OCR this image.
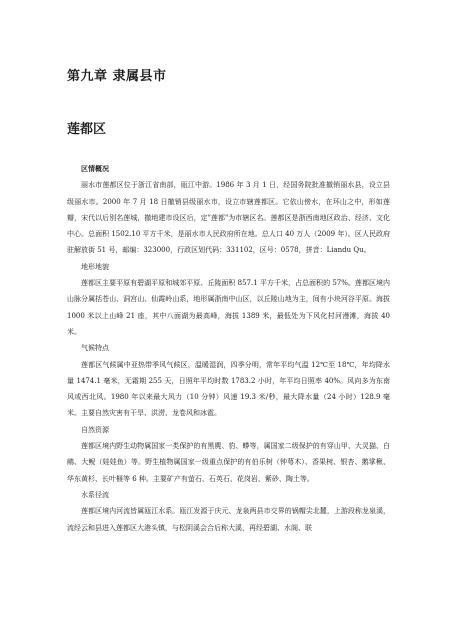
第九章 隶属县市
莲都区

区情概况

丽水市莲都区位于浙江省南部，瓯江中游。1986 年 3 月 1 日，经国务院批准撤销丽水县，设立县级丽水市。2000 年 7 月 18 日撤销县级丽水市，设立市辖莲都区。它依山傍水，在环山之中，形如莲瓣，宋代以后别名莲城，撤地建市设区后，定"莲都"为市辖区名。莲都区是浙西南地区政治、经济、文化中心。总面积 1502.10 平方千米，是丽水市人民政府所在地。总人口 40 万人（2009 年）。区人民政府驻解放街 51 号，邮编：323000，行政区划代码：331102，区号：0578，拼音：Liandu Qu。

地形地貌

莲都区主要平原有碧湖平原和城郊平原、丘陵面积 857.1 平方千米，占总面积的 57%。莲都区境内山脉分属括苍山、洞宫山、仙霞岭山系，地形属浙南中山区，以丘陵山地为主，间有小块河谷平原。海拔 1000 米以上山峰 21 座，其中八面湖为最高峰，海拔 1389 米，最低处为下风化村河漫滩，海拔 40 米。

气候特点

莲都区气候属中亚热带季风气候区，温暖湿润，四季分明，常年平均气温 12℃至 18℃，年均降水量 1474.1 毫米，无霜期 255 天，日照年平均时数 1783.2 小时，年平均日照率 40%。风向多为东南风或西北风。1980 年以来最大风力（10 分钟）风速 19.3 米/秒，最大降水量（24 小时）128.9 毫米。主要自然灾害有干旱、洪涝、龙卷风和冰雹。

自然资源

莲都区境内野生动物属国家一类保护的有黑麂、豹、蟒等，属国家二级保护的有穿山甲、大灵猫、白鹇、大鲵（娃娃鱼）等。野生植物属国家一级重点保护的有伯乐树（钟萼木）、香果树、银杏、鹅掌楸、华东黄杉、长叶榧等 6 种。主要矿产有萤石、石英石、花岗岩、紫砂、陶土等。

水系径流

莲都区境内河流皆属瓯江水系。瓯江发源于庆元、龙泉两县市交界的锅帽尖北麓，上游段称龙泉溪，流经云和县进入莲都区大港头镇，与松阴溪会合后称大溪，再经碧湖、水阁、联
